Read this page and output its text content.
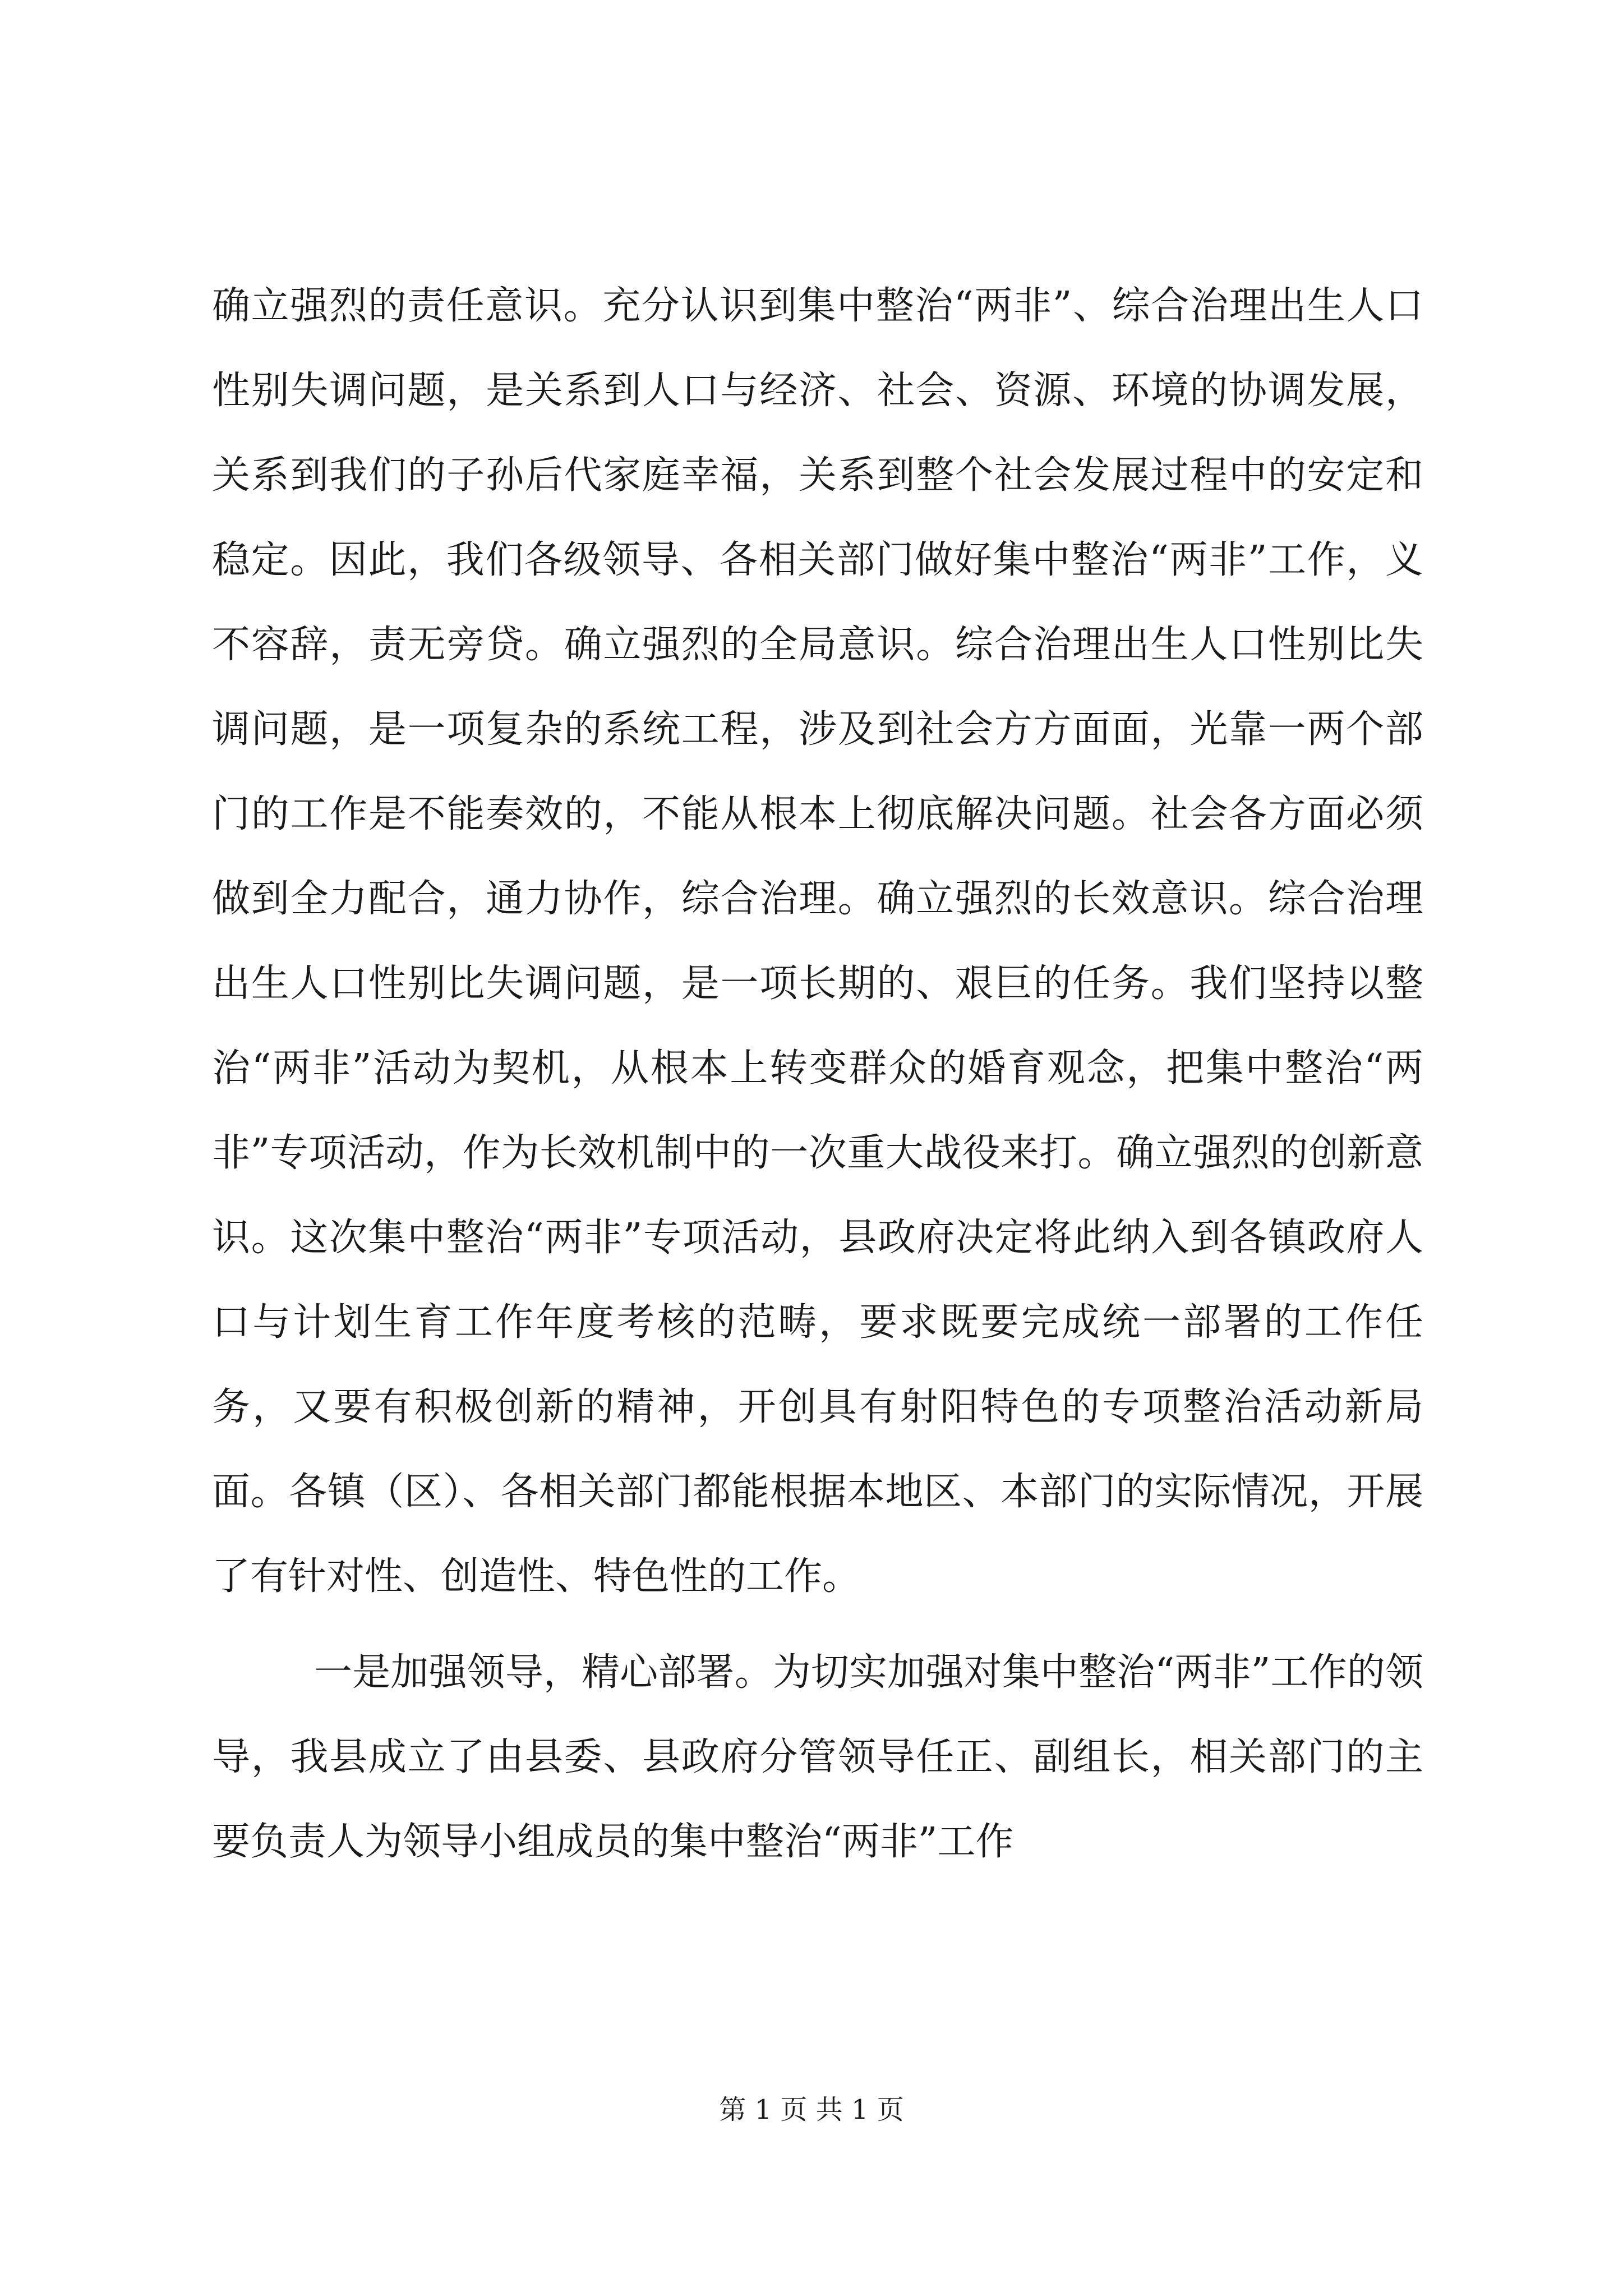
确立强烈的责任意识。充分认识到集中整治“两非”、综合治理出生人口性别失调问题，是关系到人口与经济、社会、资源、环境的协调发展，关系到我们的子孙后代家庭幸福，关系到整个社会发展过程中的安定和稳定。因此，我们各级领导、各相关部门做好集中整治“两非”工作，义不容辞，责无旁贷。确立强烈的全局意识。综合治理出生人口性别比失调问题，是一项复杂的系统工程，涉及到社会方方面面，光靠一两个部门的工作是不能奏效的，不能从根本上彻底解决问题。社会各方面必须做到全力配合，通力协作，综合治理。确立强烈的长效意识。综合治理出生人口性别比失调问题，是一项长期的、艰巨的任务。我们坚持以整治“两非”活动为契机，从根本上转变群众的婚育观念，把集中整治“两非”专项活动，作为长效机制中的一次重大战役来打。确立强烈的创新意识。这次集中整治“两非”专项活动，县政府决定将此纳入到各镇政府人口与计划生育工作年度考核的范畴，要求既要完成统一部署的工作任务，又要有积极创新的精神，开创具有射阳特色的专项整治活动新局面。各镇（区）、各相关部门都能根据本地区、本部门的实际情况，开展了有针对性、创造性、特色性的工作。

一是加强领导，精心部署。为切实加强对集中整治“两非”工作的领导，我县成立了由县委、县政府分管领导任正、副组长，相关部门的主要负责人为领导小组成员的集中整治“两非”工作

第 1 页 共 1 页
